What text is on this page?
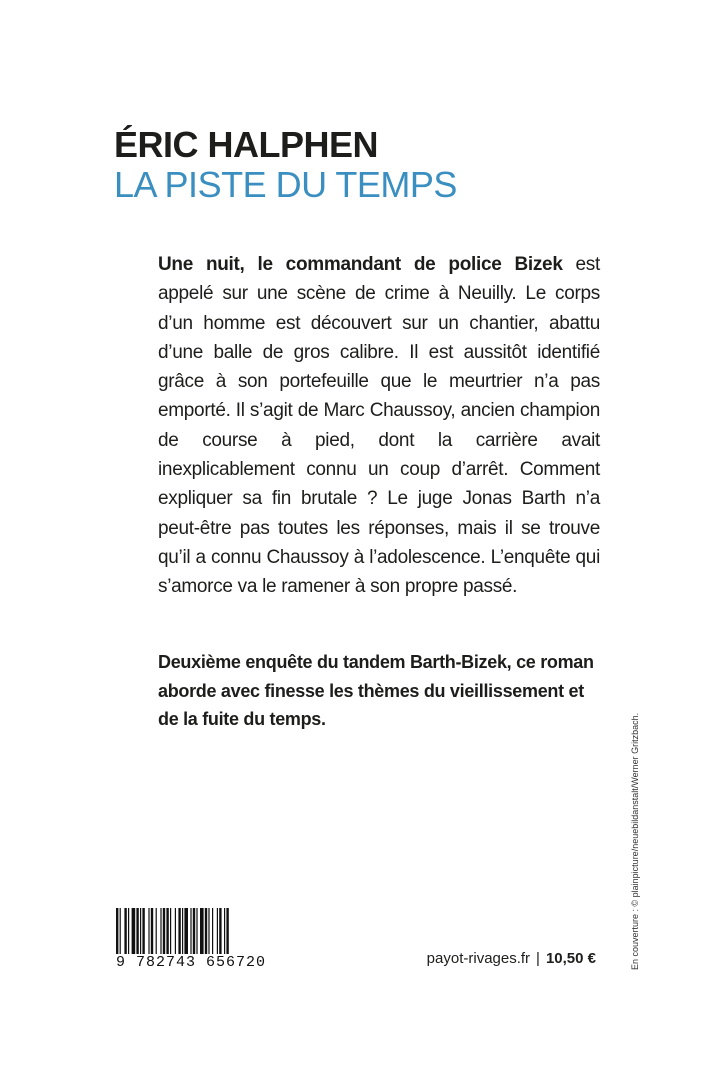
ÉRIC HALPHEN
LA PISTE DU TEMPS

Une nuit, le commandant de police Bizek est appelé sur une scène de crime à Neuilly. Le corps d’un homme est découvert sur un chantier, abattu d’une balle de gros calibre. Il est aussitôt identifié grâce à son portefeuille que le meurtrier n’a pas emporté. Il s’agit de Marc Chaussoy, ancien champion de course à pied, dont la carrière avait inexplicablement connu un coup d’arrêt. Comment expliquer sa fin brutale ? Le juge Jonas Barth n’a peut-être pas toutes les réponses, mais il se trouve qu’il a connu Chaussoy à l’adolescence. L’enquête qui s’amorce va le ramener à son propre passé.

Deuxième enquête du tandem Barth-Bizek, ce roman aborde avec finesse les thèmes du vieillissement et de la fuite du temps.	En couverture : © plainpicture/neuebildanstalt/Werner Gritzbach.
9 782743 656720	payot-rivages.fr | 10,50 €
